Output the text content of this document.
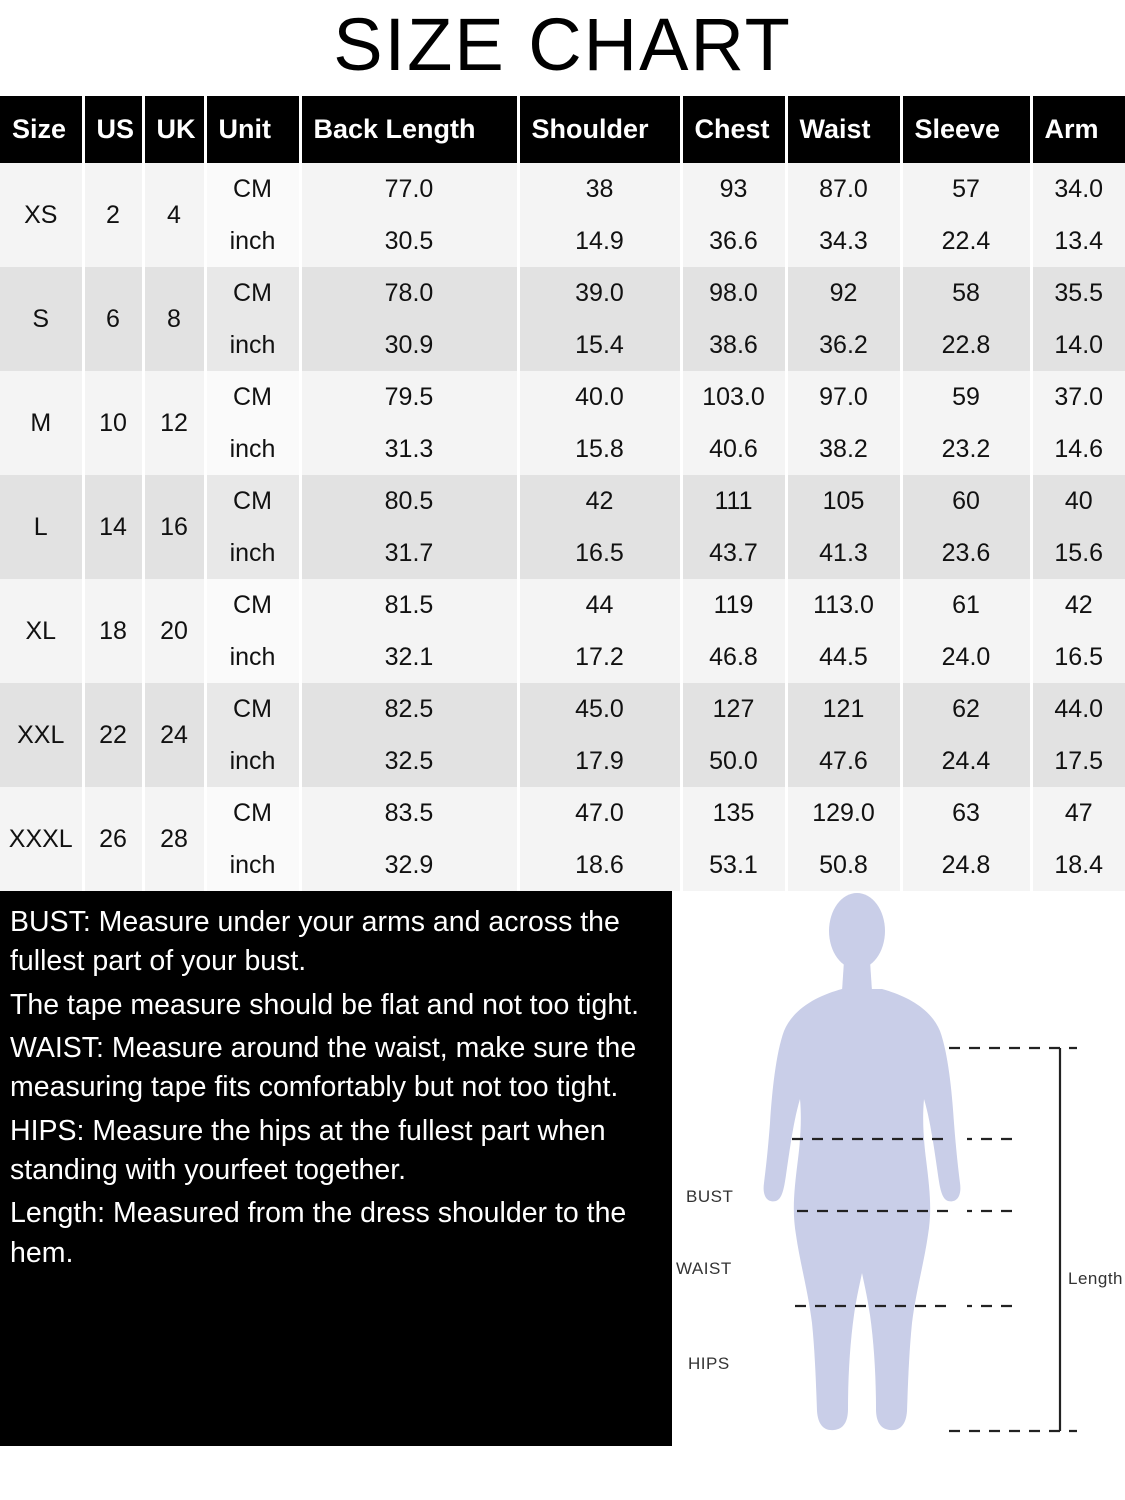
SIZE CHART
Size	US	UK	Unit	Back Length	Shoulder	Chest	Waist	Sleeve	Arm
XS	2	4	CM	77.0	38	93	87.0	57	34.0
			inch	30.5	14.9	36.6	34.3	22.4	13.4
S	6	8	CM	78.0	39.0	98.0	92	58	35.5
			inch	30.9	15.4	38.6	36.2	22.8	14.0
M	10	12	CM	79.5	40.0	103.0	97.0	59	37.0
			inch	31.3	15.8	40.6	38.2	23.2	14.6
L	14	16	CM	80.5	42	111	105	60	40
			inch	31.7	16.5	43.7	41.3	23.6	15.6
XL	18	20	CM	81.5	44	119	113.0	61	42
			inch	32.1	17.2	46.8	44.5	24.0	16.5
XXL	22	24	CM	82.5	45.0	127	121	62	44.0
			inch	32.5	17.9	50.0	47.6	24.4	17.5
XXXL	26	28	CM	83.5	47.0	135	129.0	63	47
			inch	32.9	18.6	53.1	50.8	24.8	18.4

BUST: Measure under your arms and across the fullest part of your bust.

The tape measure should be flat and not too tight.

WAIST: Measure around the waist, make sure the measuring tape fits comfortably but not too tight.

HIPS: Measure the hips at the fullest part when standing with yourfeet together.

Length: Measured from the dress shoulder to the hem.

BUST
WAIST
HIPS
Length
